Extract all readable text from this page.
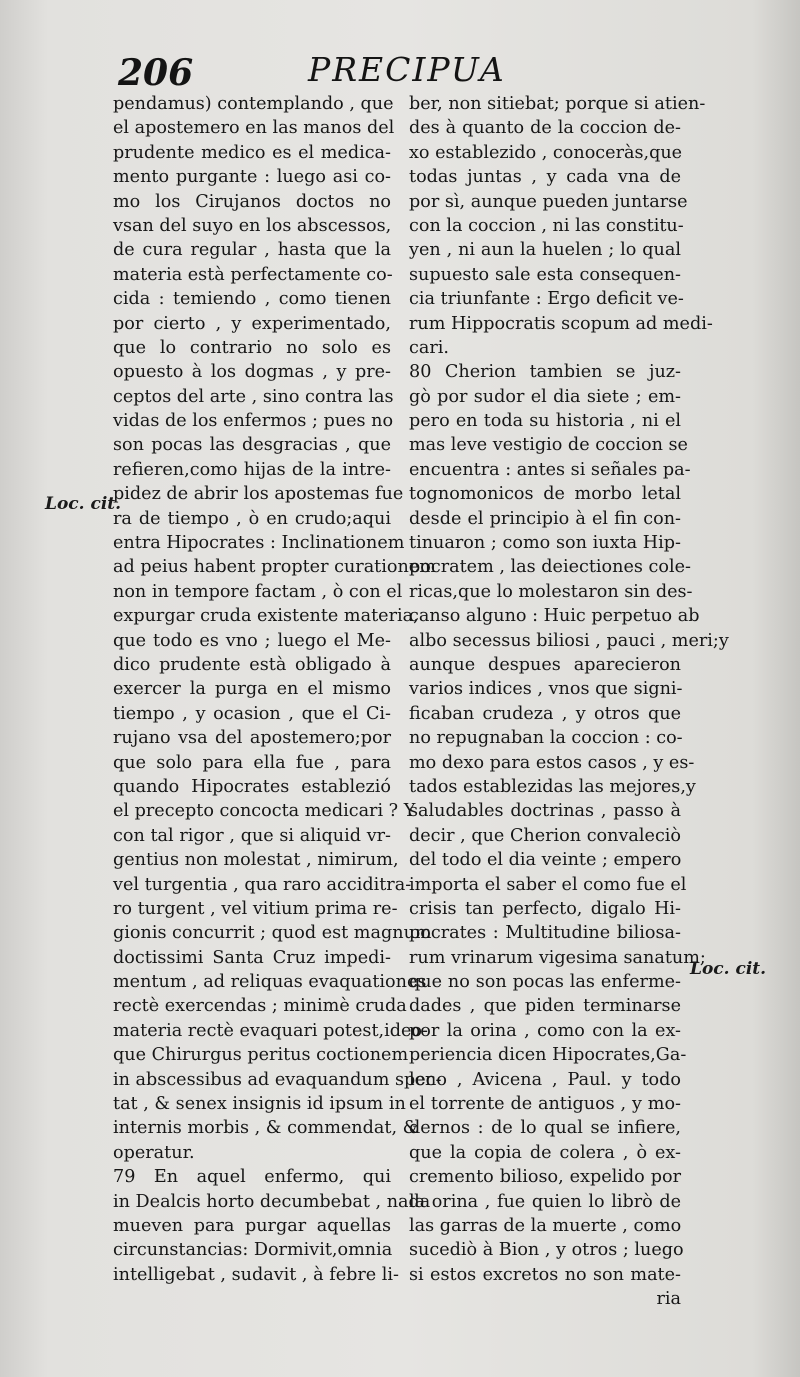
206	PRECIPUA
Loc. cit.
Loc. cit.
pendamus) contemplando , que
el apostemero en las manos del
prudente medico es el medica-
mento purgante : luego asi co-
mo los Cirujanos doctos no
vsan del suyo en los abscessos,
de cura regular , hasta que la
materia està perfectamente co-
cida : temiendo , como tienen
por cierto , y experimentado,
que lo contrario no solo es
opuesto à los dogmas , y pre-
ceptos del arte , sino contra las
vidas de los enfermos ; pues no
son pocas las desgracias , que
refieren,como hijas de la intre-
pidez de abrir los apostemas fue
ra de tiempo , ò en crudo;aqui
entra Hipocrates : Inclinationem
ad peius habent propter curationem
non in tempore factam , ò con el
expurgar cruda existente materia,
que todo es vno ; luego el Me-
dico prudente està obligado à
exercer la purga en el mismo
tiempo , y ocasion , que el Ci-
rujano vsa del apostemero;por
que solo para ella fue , para
quando Hipocrates establezió
el precepto concocta medicari ? Y
con tal rigor , que si aliquid vr-
gentius non molestat , nimirum,
vel turgentia , qua raro acciditra-
ro turgent , vel vitium prima re-
gionis concurrit ; quod est magnum
doctissimi Santa Cruz impedi-
mentum , ad reliquas evaquationes
rectè exercendas ; minimè cruda
materia rectè evaquari potest,ideo-
que Chirurgus peritus coctionem
in abscessibus ad evaquandum spec-
tat , & senex insignis id ipsum in
internis morbis , & commendat, &
operatur.
79 En aquel enfermo, qui
in Dealcis horto decumbebat , nada
mueven para purgar aquellas
circunstancias: Dormivit,omnia
intelligebat , sudavit , à febre li-
ber, non sitiebat; porque si atien-
des à quanto de la coccion de-
xo establezido , conoceràs,que
todas juntas , y cada vna de
por sì, aunque pueden juntarse
con la coccion , ni las constitu-
yen , ni aun la huelen ; lo qual
supuesto sale esta consequen-
cia triunfante : Ergo deficit ve-
rum Hippocratis scopum ad medi-
cari.
80 Cherion tambien se juz-
gò por sudor el dia siete ; em-
pero en toda su historia , ni el
mas leve vestigio de coccion se
encuentra : antes si señales pa-
tognomonicos de morbo letal
desde el principio à el fin con-
tinuaron ; como son iuxta Hip-
pocratem , las deiectiones cole-
ricas,que lo molestaron sin des-
canso alguno : Huic perpetuo ab
albo secessus biliosi , pauci , meri;y
aunque despues aparecieron
varios indices , vnos que signi-
ficaban crudeza , y otros que
no repugnaban la coccion : co-
mo dexo para estos casos , y es-
tados establezidas las mejores,y
saludables doctrinas , passo à
decir , que Cherion convaleciò
del todo el dia veinte ; empero
importa el saber el como fue el
crisis tan perfecto, digalo Hi-
pocrates : Multitudine biliosa-
rum vrinarum vigesima sanatum;
que no son pocas las enferme-
dades , que piden terminarse
por la orina , como con la ex-
periencia dicen Hipocrates,Ga-
leno , Avicena , Paul. y todo
el torrente de antiguos , y mo-
dernos : de lo qual se infiere,
que la copia de colera , ò ex-
cremento bilioso, expelido por
la orina , fue quien lo librò de
las garras de la muerte , como
sucediò à Bion , y otros ; luego
si estos excretos no son mate-
ria
